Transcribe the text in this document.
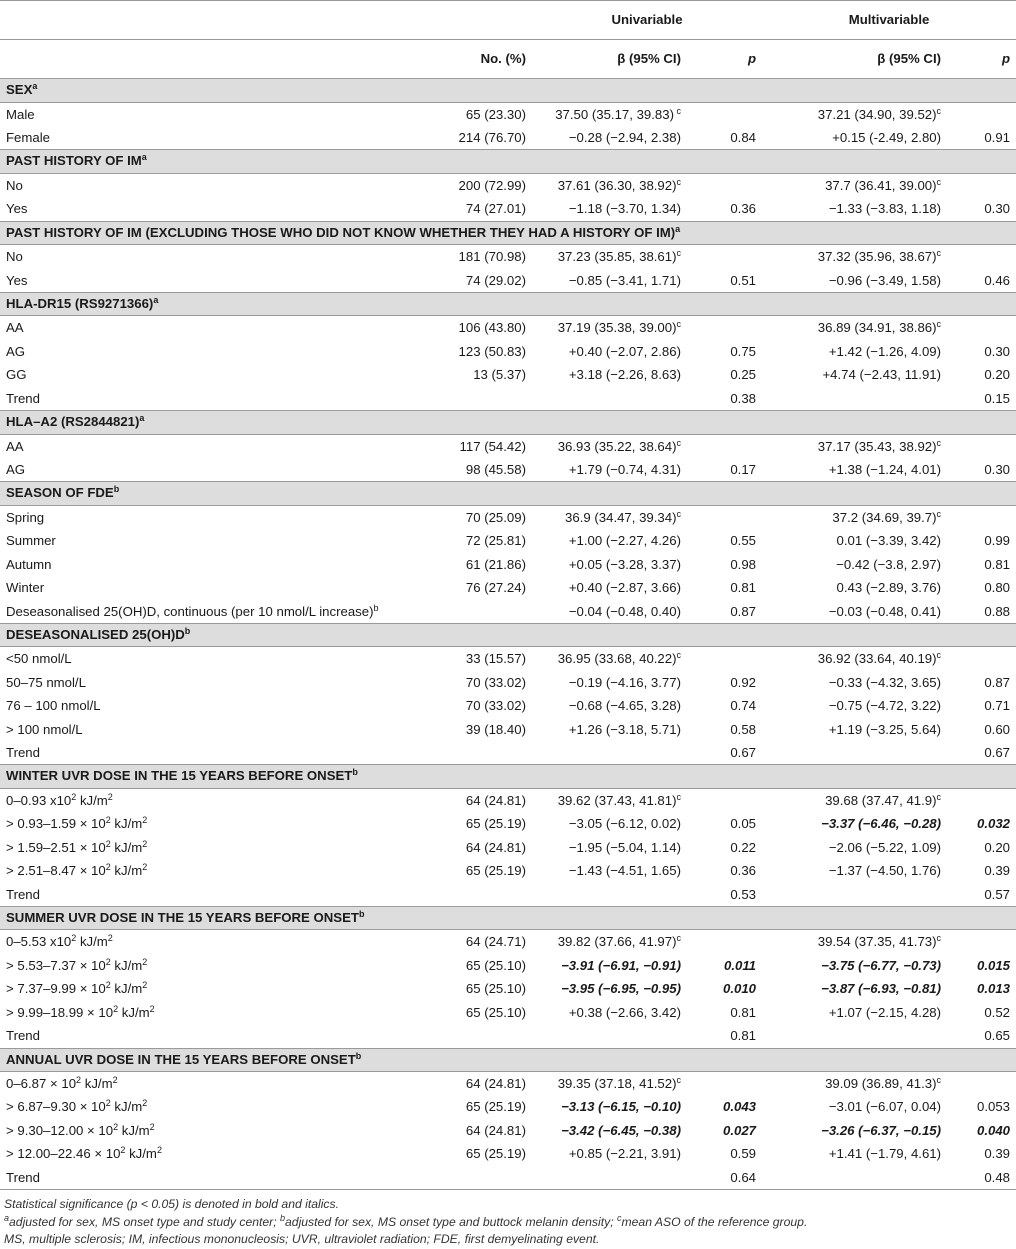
		Univariable		Multivariable	
	No. (%)	β (95% CI)	p	β (95% CI)	p
SEX$^a$
Male	65 (23.30)	37.50 (35.17, 39.83) $^c$		37.21 (34.90, 39.52)$^c$	
Female	214 (76.70)	−0.28 (−2.94, 2.38)	0.84	+0.15 (-2.49, 2.80)	0.91
PAST HISTORY OF $IM^a$
No	200 (72.99)	37.61 (36.30, 38.92)$^c$		37.7 (36.41, 39.00)$^c$	
Yes	74 (27.01)	−1.18 (−3.70, 1.34)	0.36	−1.33 (−3.83, 1.18)	0.30
PAST HISTORY OF IM (EXCLUDING THOSE WHO DID NOT KNOW WHETHER THEY HAD A HISTORY OF IM)$^a$
No	181 (70.98)	37.23 (35.85, 38.61)$^c$		37.32 (35.96, 38.67)$^c$	
Yes	74 (29.02)	−0.85 (−3.41, 1.71)	0.51	−0.96 (−3.49, 1.58)	0.46
HLA-DR15 $(RS9271366)^a$
AA	106 (43.80)	37.19 (35.38, 39.00)$^c$		36.89 (34.91, 38.86)$^c$	
AG	123 (50.83)	+0.40 (−2.07, 2.86)	0.75	+1.42 (−1.26, 4.09)	0.30
GG	13 (5.37)	+3.18 (−2.26, 8.63)	0.25	+4.74 (−2.43, 11.91)	0.20
Trend			0.38		0.15
HLA–A2 $(RS2844821)^a$
AA	117 (54.42)	36.93 (35.22, 38.64)$^c$		37.17 (35.43, 38.92)$^c$	
AG	98 (45.58)	+1.79 (−0.74, 4.31)	0.17	+1.38 (−1.24, 4.01)	0.30
SEASON OF FDE$^b$
Spring	70 (25.09)	36.9 (34.47, 39.34)$^c$		37.2 (34.69, 39.7)$^c$	
Summer	72 (25.81)	+1.00 (−2.27, 4.26)	0.55	0.01 (−3.39, 3.42)	0.99
Autumn	61 (21.86)	+0.05 (−3.28, 3.37)	0.98	−0.42 (−3.8, 2.97)	0.81
Winter	76 (27.24)	+0.40 (−2.87, 3.66)	0.81	0.43 (−2.89, 3.76)	0.80
Deseasonalised 25(OH)D, continuous (per 10 nmol/L increase)$^b$		−0.04 (−0.48, 0.40)	0.87	−0.03 (−0.48, 0.41)	0.88
DESEASONALISED $25(OH)D^b$
<50 nmol/L	33 (15.57)	36.95 (33.68, 40.22)$^c$		36.92 (33.64, 40.19)$^c$	
50–75 nmol/L	70 (33.02)	−0.19 (−4.16, 3.77)	0.92	−0.33 (−4.32, 3.65)	0.87
76 – 100 nmol/L	70 (33.02)	−0.68 (−4.65, 3.28)	0.74	−0.75 (−4.72, 3.22)	0.71
> 100 nmol/L	39 (18.40)	+1.26 (−3.18, 5.71)	0.58	+1.19 (−3.25, 5.64)	0.60
Trend			0.67		0.67
WINTER UVR DOSE IN THE 15 YEARS BEFORE ONSET$^b$
0–0.93 $x10^2$ $kJ/m^2$	64 (24.81)	39.62 (37.43, 41.81)$^c$		39.68 (37.47, 41.9)$^c$	
> $0.93-1.59 \times 10^2$ $kJ/m^2$	65 (25.19)	−3.05 (−6.12, 0.02)	0.05	−3.37 (−6.46, −0.28)	0.032
> $1.59-2.51 \times 10^2$ $kJ/m^2$	64 (24.81)	−1.95 (−5.04, 1.14)	0.22	−2.06 (−5.22, 1.09)	0.20
> $2.51-8.47 \times 10^2$ $kJ/m^2$	65 (25.19)	−1.43 (−4.51, 1.65)	0.36	−1.37 (−4.50, 1.76)	0.39
Trend			0.53		0.57
SUMMER UVR DOSE IN THE 15 YEARS BEFORE ONSET$^b$
0–5.53 $x10^2$ $kJ/m^2$	64 (24.71)	39.82 (37.66, 41.97)$^c$		39.54 (37.35, 41.73)$^c$	
> $5.53-7.37 \times 10^2$ $kJ/m^2$	65 (25.10)	−3.91 (−6.91, −0.91)	0.011	−3.75 (−6.77, −0.73)	0.015
> $7.37-9.99 \times 10^2$ $kJ/m^2$	65 (25.10)	−3.95 (−6.95, −0.95)	0.010	−3.87 (−6.93, −0.81)	0.013
> $9.99-18.99 \times 10^2$ $kJ/m^2$	65 (25.10)	+0.38 (−2.66, 3.42)	0.81	+1.07 (−2.15, 4.28)	0.52
Trend			0.81		0.65
ANNUAL UVR DOSE IN THE 15 YEARS BEFORE ONSET$^b$
$0-6.87 \times 10^2$ $kJ/m^2$	64 (24.81)	39.35 (37.18, 41.52)$^c$		39.09 (36.89, 41.3)$^c$	
> $6.87-9.30 \times 10^2$ $kJ/m^2$	65 (25.19)	−3.13 (−6.15, −0.10)	0.043	−3.01 (−6.07, 0.04)	0.053
> $9.30-12.00 \times 10^2$ $kJ/m^2$	64 (24.81)	−3.42 (−6.45, −0.38)	0.027	−3.26 (−6.37, −0.15)	0.040
> $12.00-22.46 \times 10^2$ $kJ/m^2$	65 (25.19)	+0.85 (−2.21, 3.91)	0.59	+1.41 (−1.79, 4.61)	0.39
Trend			0.64		0.48
Statistical significance (p < 0.05) is denoted in bold and italics.
$^a$adjusted for sex, MS onset type and study center; $^b$adjusted for sex, MS onset type and buttock melanin density; $^c$mean ASO of the reference group.
MS, multiple sclerosis; IM, infectious mononucleosis; UVR, ultraviolet radiation; FDE, first demyelinating event.
